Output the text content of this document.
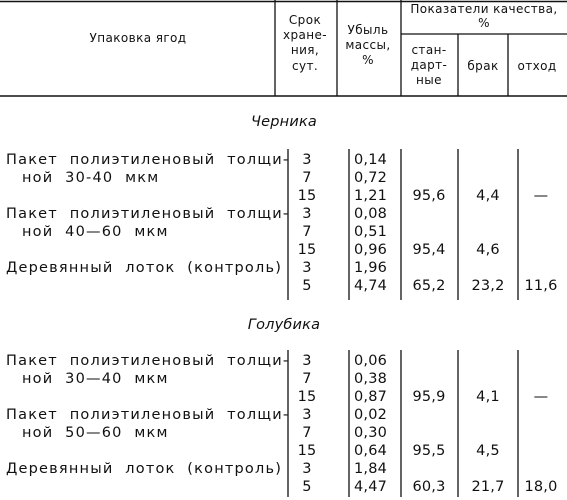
Упаковка ягод
Срок
хране-
ния,
сут.
Убыль
массы,
%
Показатели качества,
%
стан-
дарт-
ные
брак отход
Черника
Пакет полиэтиленовый толщи-
ной 30-40 мкм
3	0,14
7	0,72
15	1,21 95,6 4,4 —
Пакет полиэтиленовый толщи-
ной 40—60 мкм
3	0,08
7	0,51
15	0,96 95,4 4,6
Деревянный лоток (контроль) 3	1,96
5	4,74 65,2 23,2 11,6
Голубика
Пакет полиэтиленовый толщи-
ной 30—40 мкм
3	0,06
7	0,38
15	0,87 95,9 4,1 —
Пакет полиэтиленовый толщи-
ной 50—60 мкм
3	0,02
7	0,30
15	0,64 95,5 4,5
Деревянный лоток (контроль) 3	1,84
5	4,47 60,3 21,7 18,0
